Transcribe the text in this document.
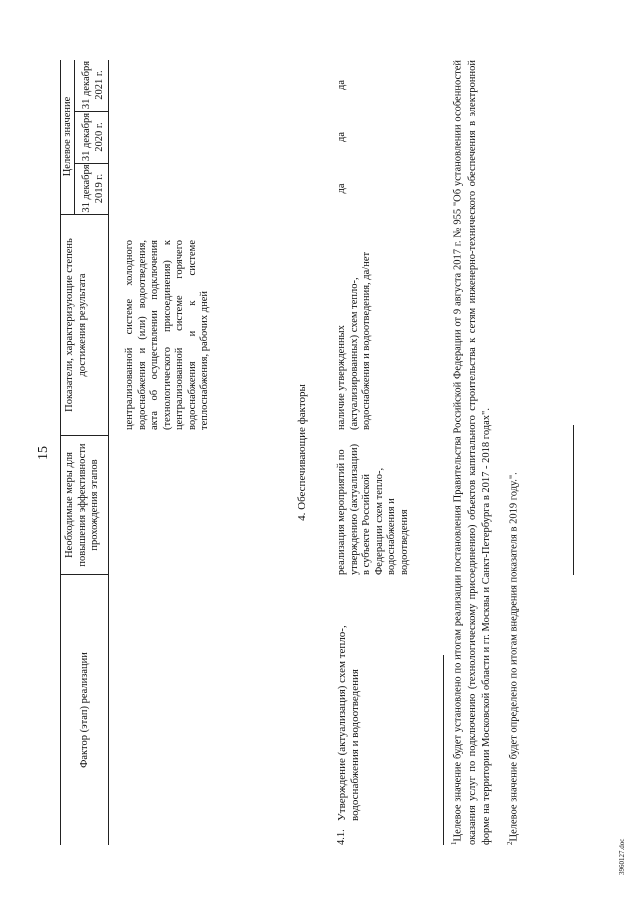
15
Фактор (этап) реализации
Необходимые меры для повышения эффективности прохождения этапов
Показатели, характеризующие степень достижения результата
Целевое значение
31 декабря 2019 г.
31 декабря 2020 г.
31 декабря 2021 г.
централизованной системе холодного водоснабжения и (или) водоотведения, акта об осуществлении подключения (технологического присоединения) к централизованной системе горячего водоснабжения и к системе теплоснабжения, рабочих дней
4. Обеспечивающие факторы
4.1.
Утверждение (актуализация) схем тепло-, водоснабжения и водоотведения
реализация мероприятий по утверждению (актуализации) в субъекте Российской Федерации схем тепло-, водоснабжения и водоотведения
наличие утвержденных (актуализированных) схем тепло-, водоснабжения и водоотведения, да/нет
да
да
да
$^1$Целевое значение будет установлено по итогам реализации постановления Правительства Российской Федерации от 9 августа 2017 г. № 955 "Об установлении особенностей оказания услуг по подключению (технологическому присоединению) объектов капитального строительства к сетям инженерно-технического обеспечения в электронной форме на территории Московской области и гг. Москвы и Санкт-Петербурга в 2017 - 2018 годах".	$^2$Целевое значение будет определено по итогам внедрения показателя в 2019 году.".
3960127.doc
